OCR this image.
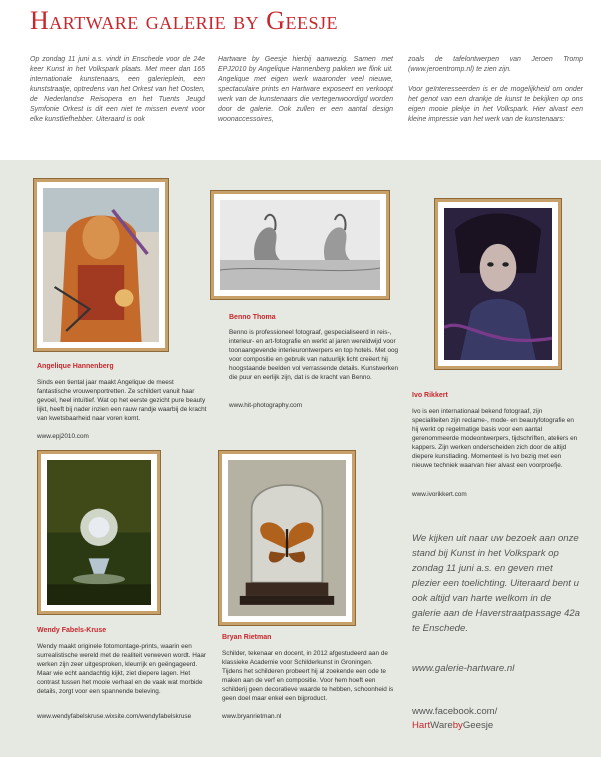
Hartware galerie by Geesje

Op zondag 11 juni a.s. vindt in Enschede voor de 24e keer Kunst in het Volkspark plaats. Met meer dan 165 internationale kunstenaars, een galerieplein, een kunststraatje, optredens van het Orkest van het Oosten, de Nederlandse Reisopera en het Tuents Jeugd Symfonie Orkest is dit een niet te missen event voor elke kunstliefhebber. Uiteraard is ook

Hartware by Geesje hierbij aanwezig. Samen met EPJ2010 by Angelique Hannenberg pakken we flink uit. Angelique met eigen werk waaronder veel nieuwe, spectaculaire prints en Hartware exposeert en verkoopt werk van de kunstenaars die vertegenwoordigd worden door de galerie. Ook zullen er een aantal design woonaccessoires,

zoals de tafelontwerpen van Jeroen Tromp (www.jeroentromp.nl) te zien zijn.

Voor geïnteresseerden is er de mogelijkheid om onder het genot van een drankje de kunst te bekijken op ons eigen mooie plekje in het Volkspark. Hier alvast een kleine impressie van het werk van de kunstenaars:

Angelique Hannenberg

Sinds een tiental jaar maakt Angelique de meest fantastische vrouwenportretten. Ze schildert vanuit haar gevoel, heel intuïtief. Wat op het eerste gezicht pure beauty lijkt, heeft bij nader inzien een rauw randje waarbij de kracht van kwetsbaarheid naar voren komt.

www.epj2010.com
Benno Thoma

Benno is professioneel fotograaf, gespecialiseerd in reis-, interieur- en art-fotografie en werkt al jaren wereldwijd voor toonaangevende interieurontwerpers en top hotels. Met oog voor compositie en gebruik van natuurlijk licht creëert hij hoogstaande beelden vol verrassende details. Kunstwerken die puur en eerlijk zijn, dat is de kracht van Benno.

www.hit-photography.com
Ivo Rikkert

Ivo is een internationaal bekend fotograaf, zijn specialiteiten zijn reclame-, mode- en beautyfotografie en hij werkt op regelmatige basis voor een aantal gerenommeerde modeontwerpers, tijdschriften, ateliers en kappers. Zijn werken onderscheiden zich door de altijd diepere kunstlading. Momenteel is Ivo bezig met een nieuwe techniek waarvan hier alvast een voorproefje.

www.ivorikkert.com
Wendy Fabels-Kruse

Wendy maakt originele fotomontage-prints, waarin een surrealistische wereld met de realiteit verweven wordt. Haar werken zijn zeer uitgesproken, kleurrijk en geëngageerd. Maar wie echt aandachtig kijkt, ziet diepere lagen. Het contrast tussen het mooie verhaal en de vaak wat morbide details, zorgt voor een spannende beleving.

www.wendyfabelskruse.wixsite.com/wendyfabelskruse
Bryan Rietman

Schilder, tekenaar en docent, in 2012 afgestudeerd aan de klassieke Academie voor Schilderkunst in Groningen. Tijdens het schilderen probeert hij al zoekende een ode te maken aan de verf en compositie. Voor hem hoeft een schilderij geen decoratieve waarde te hebben, schoonheid is geen doel maar enkel een bijproduct.

www.bryanrietman.nl

We kijken uit naar uw bezoek aan onze stand bij Kunst in het Volkspark op zondag 11 juni a.s. en geven met plezier een toelichting. Uiteraard bent u ook altijd van harte welkom in de galerie aan de Haverstraatpassage 42a te Enschede.

www.galerie-hartware.nl
www.facebook.com/
HartWarebyGeesje
